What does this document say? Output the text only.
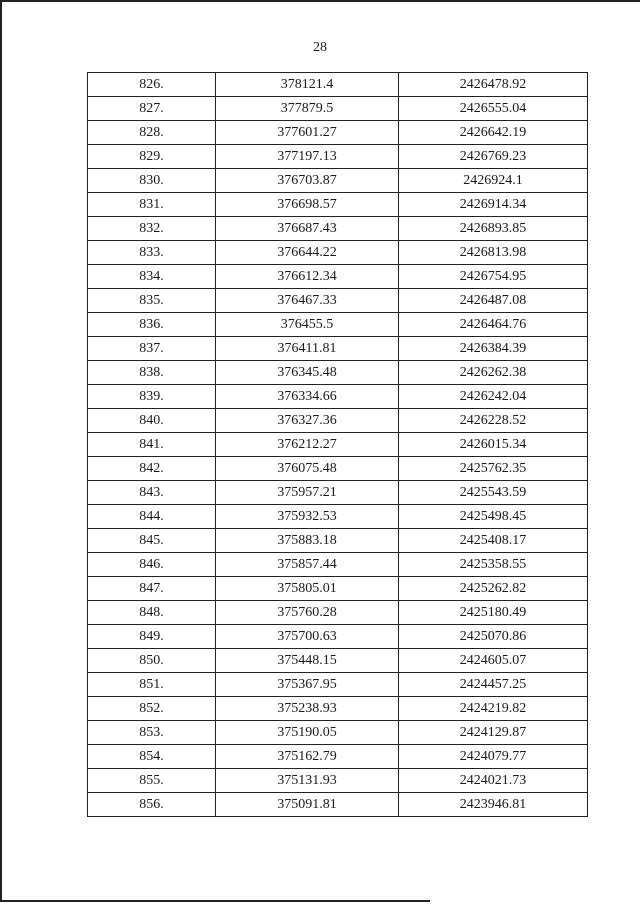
28
826.	378121.4	2426478.92
827.	377879.5	2426555.04
828.	377601.27	2426642.19
829.	377197.13	2426769.23
830.	376703.87	2426924.1
831.	376698.57	2426914.34
832.	376687.43	2426893.85
833.	376644.22	2426813.98
834.	376612.34	2426754.95
835.	376467.33	2426487.08
836.	376455.5	2426464.76
837.	376411.81	2426384.39
838.	376345.48	2426262.38
839.	376334.66	2426242.04
840.	376327.36	2426228.52
841.	376212.27	2426015.34
842.	376075.48	2425762.35
843.	375957.21	2425543.59
844.	375932.53	2425498.45
845.	375883.18	2425408.17
846.	375857.44	2425358.55
847.	375805.01	2425262.82
848.	375760.28	2425180.49
849.	375700.63	2425070.86
850.	375448.15	2424605.07
851.	375367.95	2424457.25
852.	375238.93	2424219.82
853.	375190.05	2424129.87
854.	375162.79	2424079.77
855.	375131.93	2424021.73
856.	375091.81	2423946.81
